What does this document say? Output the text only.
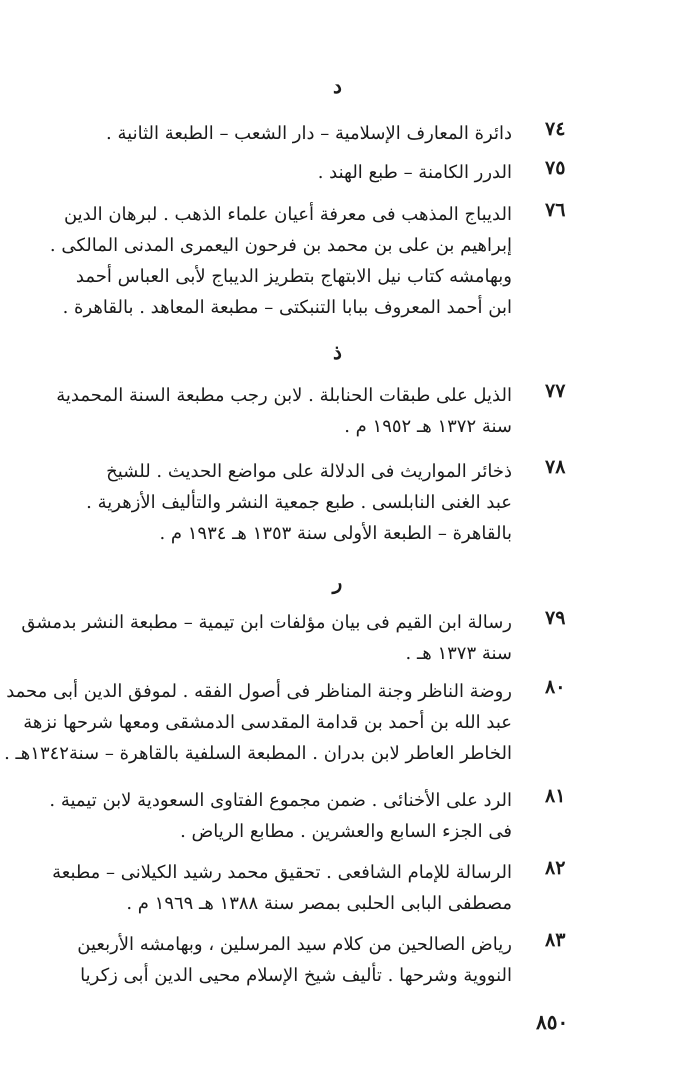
د
٧٤
دائرة المعارف الإسلامية – دار الشعب – الطبعة الثانية .
٧٥
الدرر الكامنة – طبع الهند .
٧٦
الديباج المذهب فى معرفة أعيان علماء الذهب . لبرهان الدين
إبراهيم بن على بن محمد بن فرحون اليعمرى المدنى المالكى .
وبهامشه كتاب نيل الابتهاج بتطريز الديباج لأبى العباس أحمد
ابن أحمد المعروف ببابا التنبكتى – مطبعة المعاهد . بالقاهرة .
ذ
٧٧
الذيل على طبقات الحنابلة . لابن رجب مطبعة السنة المحمدية
سنة ١٣٧٢ هـ ١٩٥٢ م .
٧٨
ذخائر المواريث فى الدلالة على مواضع الحديث . للشيخ
عبد الغنى النابلسى . طبع جمعية النشر والتأليف الأزهرية .
بالقاهرة – الطبعة الأولى سنة ١٣٥٣ هـ ١٩٣٤ م .
ر
٧٩
رسالة ابن القيم فى بيان مؤلفات ابن تيمية – مطبعة النشر بدمشق
سنة ١٣٧٣ هـ .
٨٠
روضة الناظر وجنة المناظر فى أصول الفقه . لموفق الدين أبى محمد
عبد الله بن أحمد بن قدامة المقدسى الدمشقى ومعها شرحها نزهة
الخاطر العاطر لابن بدران . المطبعة السلفية بالقاهرة – سنة١٣٤٢هـ .
٨١
الرد على الأخنائى . ضمن مجموع الفتاوى السعودية لابن تيمية .
فى الجزء السابع والعشرين . مطابع الرياض .
٨٢
الرسالة للإمام الشافعى . تحقيق محمد رشيد الكيلانى – مطبعة
مصطفى البابى الحلبى بمصر سنة ١٣٨٨ هـ ١٩٦٩ م .
٨٣
رياض الصالحين من كلام سيد المرسلين ، وبهامشه الأربعين
النووية وشرحها . تأليف شيخ الإسلام محيى الدين أبى زكريا
٨٥٠
